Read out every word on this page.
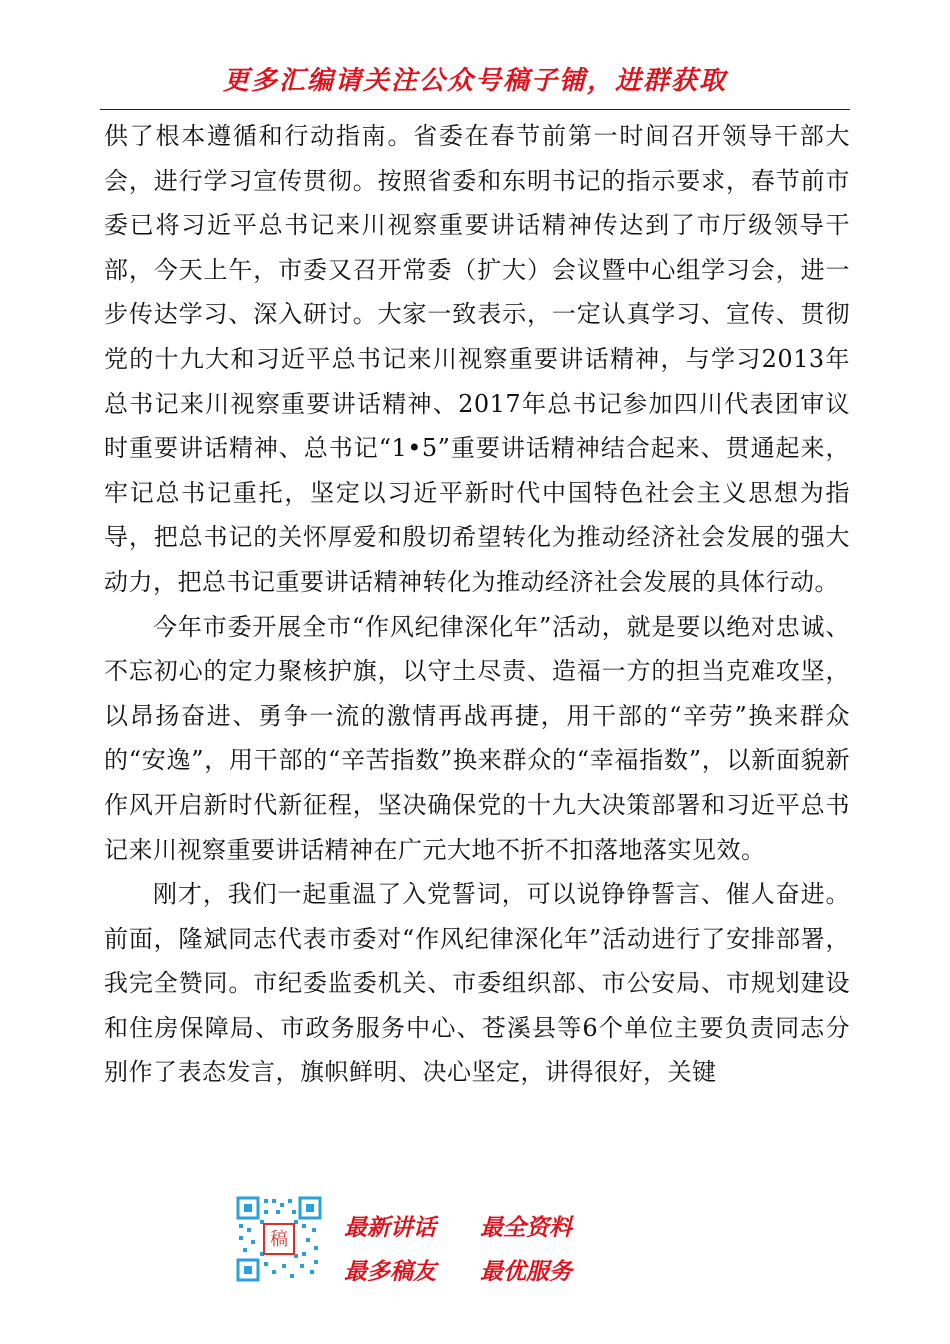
更多汇编请关注公众号稿子铺，进群获取

供了根本遵循和行动指南。省委在春节前第一时间召开领导干部大会，进行学习宣传贯彻。按照省委和东明书记的指示要求，春节前市委已将习近平总书记来川视察重要讲话精神传达到了市厅级领导干部，今天上午，市委又召开常委（扩大）会议暨中心组学习会，进一步传达学习、深入研讨。大家一致表示，一定认真学习、宣传、贯彻党的十九大和习近平总书记来川视察重要讲话精神，与学习2013年总书记来川视察重要讲话精神、2017年总书记参加四川代表团审议时重要讲话精神、总书记“1•5”重要讲话精神结合起来、贯通起来，牢记总书记重托，坚定以习近平新时代中国特色社会主义思想为指导，把总书记的关怀厚爱和殷切希望转化为推动经济社会发展的强大动力，把总书记重要讲话精神转化为推动经济社会发展的具体行动。

今年市委开展全市“作风纪律深化年”活动，就是要以绝对忠诚、不忘初心的定力聚核护旗，以守土尽责、造福一方的担当克难攻坚，以昂扬奋进、勇争一流的激情再战再捷，用干部的“辛劳”换来群众的“安逸”，用干部的“辛苦指数”换来群众的“幸福指数”，以新面貌新作风开启新时代新征程，坚决确保党的十九大决策部署和习近平总书记来川视察重要讲话精神在广元大地不折不扣落地落实见效。

刚才，我们一起重温了入党誓词，可以说铮铮誓言、催人奋进。前面，隆斌同志代表市委对“作风纪律深化年”活动进行了安排部署，我完全赞同。市纪委监委机关、市委组织部、市公安局、市规划建设和住房保障局、市政务服务中心、苍溪县等6个单位主要负责同志分别作了表态发言，旗帜鲜明、决心坚定，讲得很好，关键

稿 最新讲话 最全资料
最多稿友 最优服务
